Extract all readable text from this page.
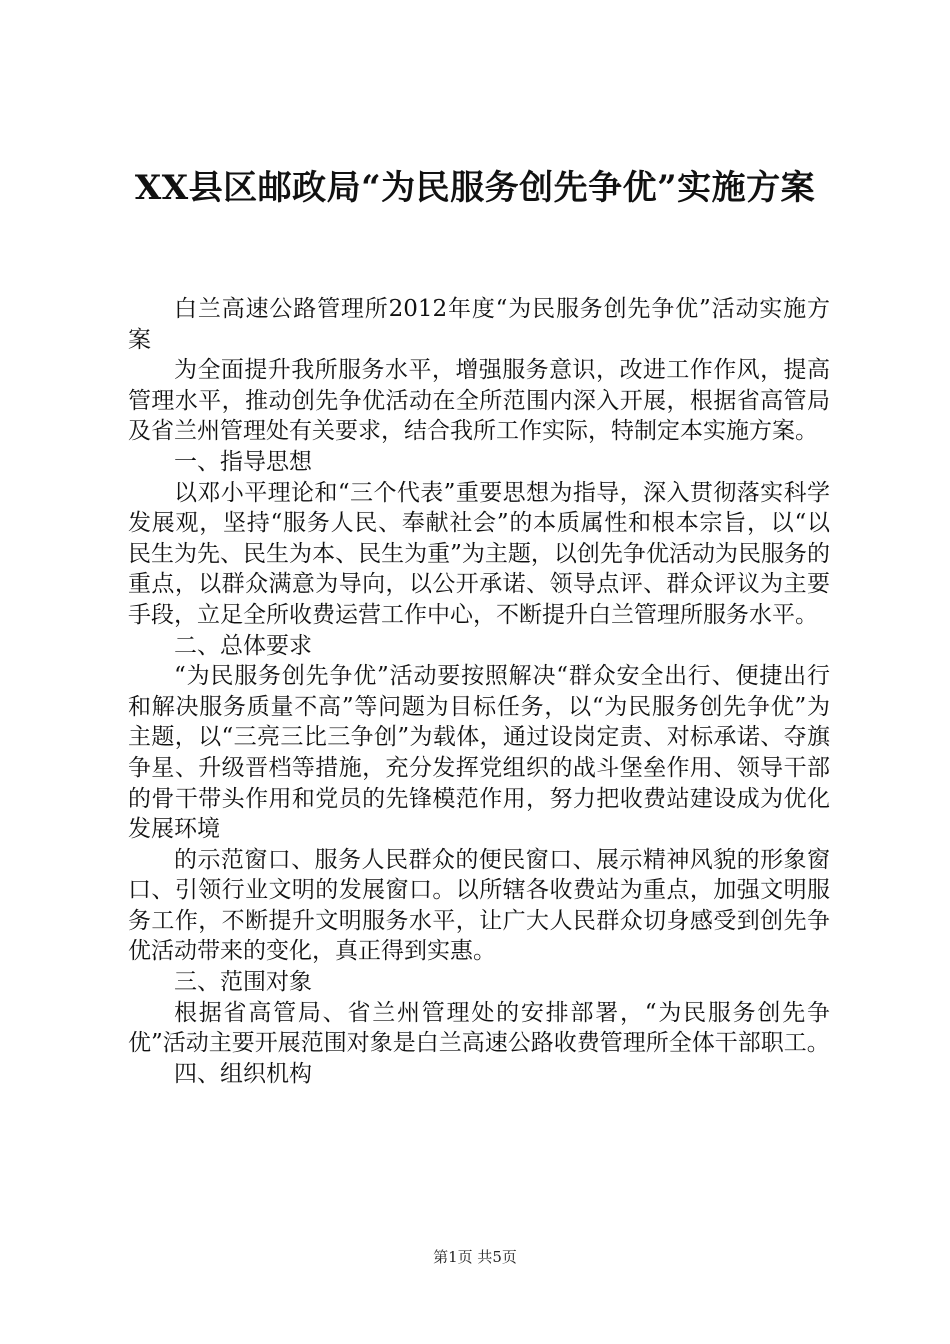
XX县区邮政局“为民服务创先争优”实施方案

白兰高速公路管理所2012年度“为民服务创先争优”活动实施方案

为全面提升我所服务水平，增强服务意识，改进工作作风，提高管理水平，推动创先争优活动在全所范围内深入开展，根据省高管局及省兰州管理处有关要求，结合我所工作实际，特制定本实施方案。

一、指导思想

以邓小平理论和“三个代表”重要思想为指导，深入贯彻落实科学发展观，坚持“服务人民、奉献社会”的本质属性和根本宗旨，以“以民生为先、民生为本、民生为重”为主题，以创先争优活动为民服务的重点，以群众满意为导向，以公开承诺、领导点评、群众评议为主要手段，立足全所收费运营工作中心，不断提升白兰管理所服务水平。

二、总体要求

“为民服务创先争优”活动要按照解决“群众安全出行、便捷出行和解决服务质量不高”等问题为目标任务，以“为民服务创先争优”为主题，以“三亮三比三争创”为载体，通过设岗定责、对标承诺、夺旗争星、升级晋档等措施，充分发挥党组织的战斗堡垒作用、领导干部的骨干带头作用和党员的先锋模范作用，努力把收费站建设成为优化发展环境

的示范窗口、服务人民群众的便民窗口、展示精神风貌的形象窗口、引领行业文明的发展窗口。以所辖各收费站为重点，加强文明服务工作，不断提升文明服务水平，让广大人民群众切身感受到创先争优活动带来的变化，真正得到实惠。

三、范围对象

根据省高管局、省兰州管理处的安排部署，“为民服务创先争优”活动主要开展范围对象是白兰高速公路收费管理所全体干部职工。

四、组织机构

第1页 共5页
